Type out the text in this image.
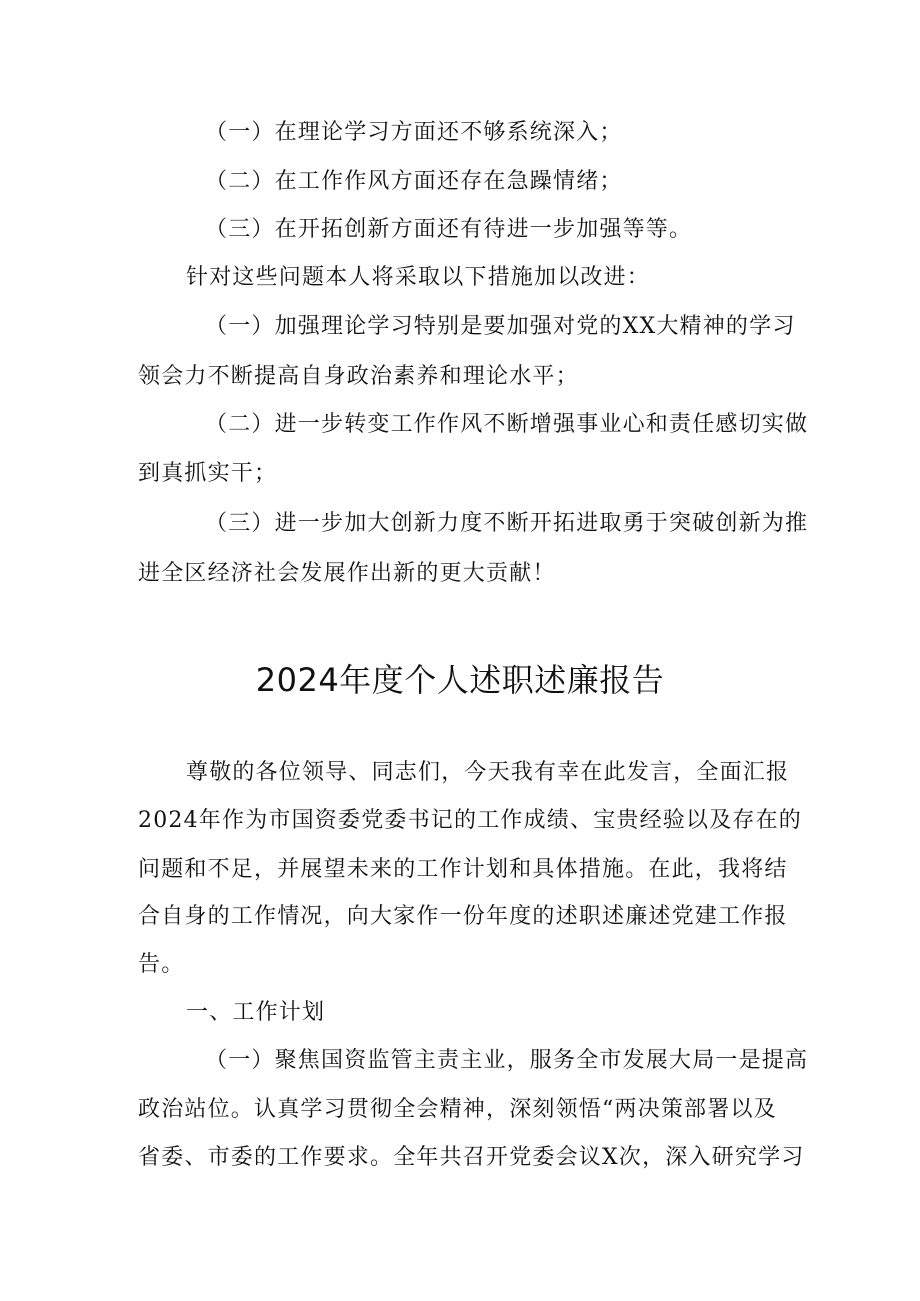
（一）在理论学习方面还不够系统深入；
（二）在工作作风方面还存在急躁情绪；
（三）在开拓创新方面还有待进一步加强等等。
针对这些问题本人将采取以下措施加以改进：
（一）加强理论学习特别是要加强对党的XX大精神的学习
领会力不断提高自身政治素养和理论水平；
（二）进一步转变工作作风不断增强事业心和责任感切实做
到真抓实干；
（三）进一步加大创新力度不断开拓进取勇于突破创新为推
进全区经济社会发展作出新的更大贡献！
2024年度个人述职述廉报告
尊敬的各位领导、同志们，今天我有幸在此发言，全面汇报
2024年作为市国资委党委书记的工作成绩、宝贵经验以及存在的
问题和不足，并展望未来的工作计划和具体措施。在此，我将结
合自身的工作情况，向大家作一份年度的述职述廉述党建工作报
告。
一、工作计划
（一）聚焦国资监管主责主业，服务全市发展大局一是提高
政治站位。认真学习贯彻全会精神，深刻领悟“两决策部署以及
省委、市委的工作要求。全年共召开党委会议X次，深入研究学习
